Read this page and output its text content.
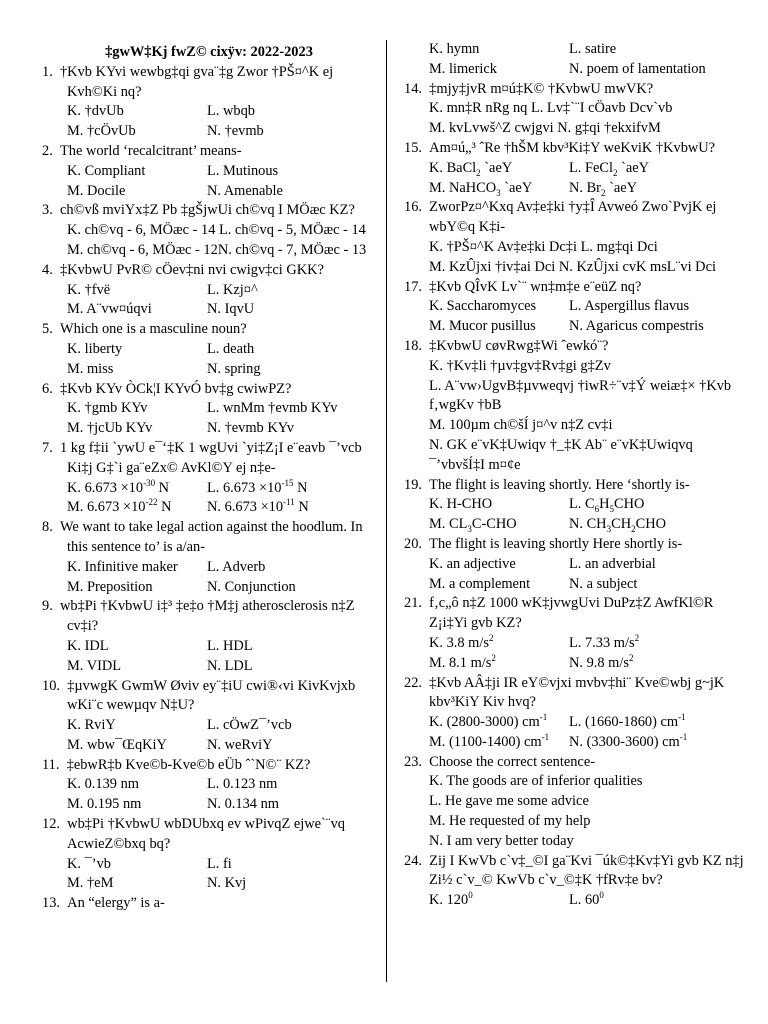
‡gwW‡Kj fwZ© cixÿv: 2022-2023
1.  †Kvb KYvi wewbg‡qi gva¨‡g Zwor †PŠ¤^K ej Kvh©Ki nq?
K. †dvUb	L. wbqb
M. †cÖvUb	N. †evmb
2.  The world ‘recalcitrant’ means-
K. Compliant	L. Mutinous
M. Docile	N. Amenable
3.  ch©vß mviYx‡Z Pb ‡gŠjwUi ch©vq I MÖæc KZ?
K. ch©vq - 6, MÖæc - 14 L. ch©vq - 5, MÖæc - 14
M. ch©vq - 6, MÖæc - 12N. ch©vq - 7, MÖæc - 13
4.  ‡KvbwU PvR© cÖev‡ni nvi cwigv‡ci GKK?
K. †fvë	L. Kzj¤^
M. A¨vw¤úqvi	N. IqvU
5.  Which one is a masculine noun?
K. liberty	L. death
M. miss	N. spring
6.  ‡Kvb KYv ÒCk¦I KYvÓ bv‡g cwiwPZ?
K. †gmb KYv	L. wnMm †evmb KYv
M. †jcUb KYv	N. †evmb KYv
7.  1 kg f‡ii `ywU e¯‘‡K 1 wgUvi `yi‡Z¡I e¨eavb ¯’vcb Ki‡j G‡`i ga¨eZx© AvKl©Y ej n‡e-
K. $6.673 \times 10^{-30}$ N	L. $6.673 \times 10^{-15}$ N
M. $6.673 \times 10^{-22}$ N	N. $6.673 \times 10^{-11}$ N
8.  We want to take legal action against the hoodlum. In this sentence to’ is a/an-
K. Infinitive maker	L. Adverb
M. Preposition	N. Conjunction
9.  wb‡Pi †KvbwU i‡³ ‡e‡o †M‡j atherosclerosis n‡Z cv‡i?
K. IDL	L. HDL
M. VIDL	N. LDL
10.  ‡µvwgK GwmW Øviv ey¨‡iU cwi®‹vi KivKvjxb wKi¨c wewµqv N‡U?
K. RviY	L. cÖwZ¯’vcb
M. wbw¯ŒqKiY	N. weRviY
11.  ‡ebwR‡b Kve©b-Kve©b eÜb ˆ`N©¨ KZ?
K. 0.139 nm	L. 0.123 nm
M. 0.195 nm	N. 0.134 nm
12.  wb‡Pi †KvbwU wbDUbxq ev wPivqZ ejwe`¨vq AcwieZ©bxq bq?
K. ¯’vb	L. fi
M. †eM	N. Kvj
13.  An “elergy” is a-
K. hymn	L. satire
M. limerick	N. poem of lamentation
14.  ‡mjy‡jvR m¤ú‡K© †KvbwU mwVK?
K. mn‡R nRg nq L. Lv‡`¨I cÖavb Dcv`vb
M. kvLvwš^Z cwjgvi N. g‡qi †ekxifvM
15.  Am¤ú„³ ˆRe †hŠM kbv³Ki‡Y weKviK †KvbwU?
K. BaCl$_2$ `aeY	L. FeCl$_2$ `aeY
M. NaHCO$_3$ `aeY	N. $Br_2$ `aeY
16.  ZworPz¤^Kxq Av‡e‡ki †y‡Î Avweó Zwo`PvjK ej wbY©q K‡i-
K. †PŠ¤^K Av‡e‡ki Dc‡i L. mg‡qi Dci
M. KzÛjxi †iv‡ai Dci N. KzÛjxi cvK msL¨vi Dci
17.  ‡Kvb QÎvK Lv`¨ wn‡m‡e e¨eüZ nq?
K. Saccharomyces	L. Aspergillus flavus
M. Mucor pusillus	N. Agaricus compestris
18.  ‡KvbwU cøvRwg‡Wi ˆewkó¨?
K. †Kv‡li †µv‡gv‡Rv‡gi g‡Zv
L. A¨vw›UgvB‡µvweqvj †iwR÷¨v‡Ý weiæ‡× †Kvb f‚wgKv †bB
M. 100µm ch©šÍ j¤^v n‡Z cv‡i
N. GK e¨vK‡Uwiqv †_‡K Ab¨ e¨vK‡Uwiqvq ¯’vbvšÍ‡I m¤¢e
19.  The flight is leaving shortly. Here ‘shortly is-
K. H-CHO	L. $C_6H_5CHO$
M. $CL_3C$-CHO	N. $CH_3CH_2CHO$
20.  The flight is leaving shortly Here shortly is-
K. an adjective	L. an adverbial
M. a complement	N. a subject
21.  f‚c„ô n‡Z 1000 wK‡jvwgUvi DuPz‡Z AwfKl©R Z¡i‡Yi gvb KZ?
K. 3.8 $m/s^2$	L. 7.33 $m/s^2$
M. 8.1 $m/s^2$	N. 9.8 $m/s^2$
22.  ‡Kvb AÂ‡ji IR eY©vjxi mvbv‡hi¨ Kve©wbj g~jK kbv³KiY Kiv hvq?
K. (2800-3000) $cm^{-1}$	L. (1660-1860) $cm^{-1}$
M. (1100-1400) $cm^{-1}$	N. (3300-3600) $cm^{-1}$
23.  Choose the correct sentence-
K. The goods are of inferior qualities
L. He gave me some advice
M. He requested of my help
N. I am very better today
24.  Zij I KwVb c`v‡_©I ga¨Kvi ¯úk©‡Kv‡Yi gvb KZ n‡j Zi½ c`v_© KwVb c`v_©‡K †fRv‡e bv?
K. $120^0$	L. $60^0$
